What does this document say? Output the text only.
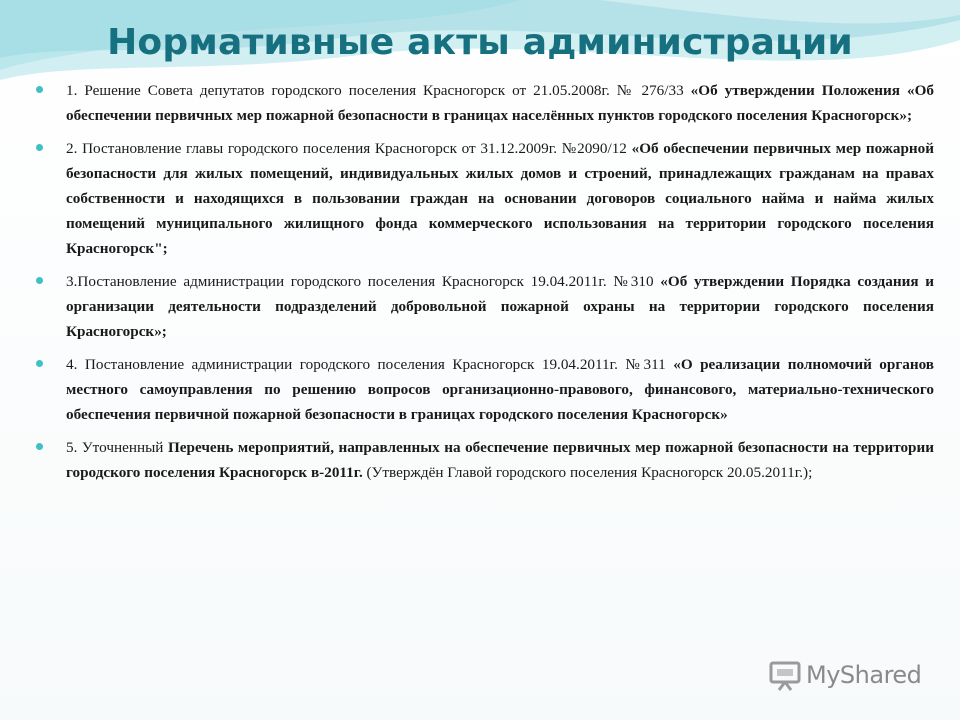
Нормативные акты администрации
1. Решение Совета депутатов городского поселения Красногорск от 21.05.2008г. № 276/33 «Об утверждении Положения «Об обеспечении первичных мер пожарной безопасности в границах населённых пунктов городского поселения Красногорск»;
2. Постановление главы городского поселения Красногорск от 31.12.2009г. №2090/12 «Об обеспечении первичных мер пожарной безопасности для жилых помещений, индивидуальных жилых домов и строений, принадлежащих гражданам на правах собственности и находящихся в пользовании граждан на основании договоров социального найма и найма жилых помещений муниципального жилищного фонда коммерческого использования на территории городского поселения Красногорск";
3.Постановление администрации городского поселения Красногорск 19.04.2011г. №310 «Об утверждении Порядка создания и организации деятельности подразделений добровольной пожарной охраны на территории городского поселения Красногорск»;
4. Постановление администрации городского поселения Красногорск 19.04.2011г. №311 «О реализации полномочий органов местного самоуправления по решению вопросов организационно-правового, финансового, материально-технического обеспечения первичной пожарной безопасности в границах городского поселения Красногорск»
5. Уточненный Перечень мероприятий, направленных на обеспечение первичных мер пожарной безопасности на территории городского поселения Красногорск в-2011г. (Утверждён Главой городского поселения Красногорск 20.05.2011г.);
MyShared
